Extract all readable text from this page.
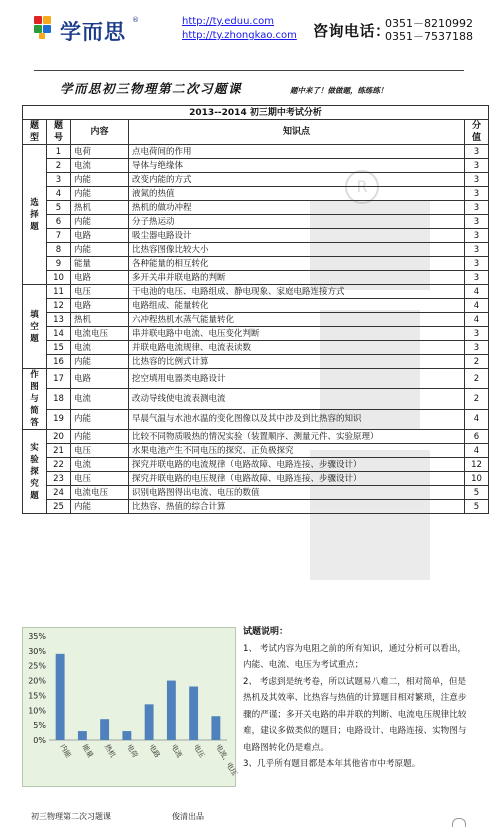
学而思 ®	http://ty.eduu.com
http://ty.zhongkao.com 咨询电话：
0351－8210992
0351－7537188
学而思初三物理第二次习题课	题中来了！做做题，练练练！
R
2013--2014 初三期中考试分析				
题型	题号	内容	知识点	分值
选
择
题	1	电荷	点电荷间的作用	3
	2	电流	导体与绝缘体	3
	3	内能	改变内能的方式	3
	4	内能	液氮的热值	3
	5	热机	热机的做功冲程	3
	6	内能	分子热运动	3
	7	电路	吸尘器电路设计	3
	8	内能	比热容图像比较大小	3
	9	能量	各种能量的相互转化	3
	10	电路	多开关串并联电路的判断	3
填
空
题	11	电压	干电池的电压、电路组成、静电现象、家庭电路连接方式	4
	12	电路	电路组成、能量转化	4
	13	热机	六冲程热机水蒸气能量转化	4
	14	电流电压	串并联电路中电流、电压变化判断	3
	15	电流	并联电路电流规律、电流表读数	3
	16	内能	比热容的比例式计算	2
作
图
与
简
答	17	电路	挖空填用电器类电路设计	2
	18	电流	改动导线使电流表测电流	2
	19	内能	早晨气温与水池水温的变化图像以及其中涉及到比热容的知识	4
实
验
探
究
题	20	内能	比较不同物质吸热的情况实验（装置顺序、测量元件、实验原理）	6
	21	电压	水果电池产生不同电压的探究、正负极探究	4
	22	电流	探究并联电路的电流规律（电路故障、电路连接、步骤设计）	12
	23	电压	探究并联电路的电压规律（电路故障、电路连接、步骤设计）	10
	24	电流电压	识别电路图得出电流、电压的数值	5
	25	内能	比热容、热值的综合计算	5
0%
5%
10%
15%
20%
25%
30%
35%
内能 能量 热机 电荷 电路 电流 电压 电流、电压

试题说明：

1、 考试内容为电阻之前的所有知识，通过分析可以看出，内能、电流、电压为考试重点；

2、 考虑到是统考卷，所以试题易八难二，相对简单，但是热机及其效率、比热容与热值的计算题目相对繁琐，注意步骤的严谨；多开关电路的串并联的判断、电流电压规律比较难，建议多做类似的题目；电路设计、电路连接、实物图与电路图转化仍是难点。

3、几乎所有题目都是本年其他省市中考原题。

初三物理第二次习题课	俊清出品
